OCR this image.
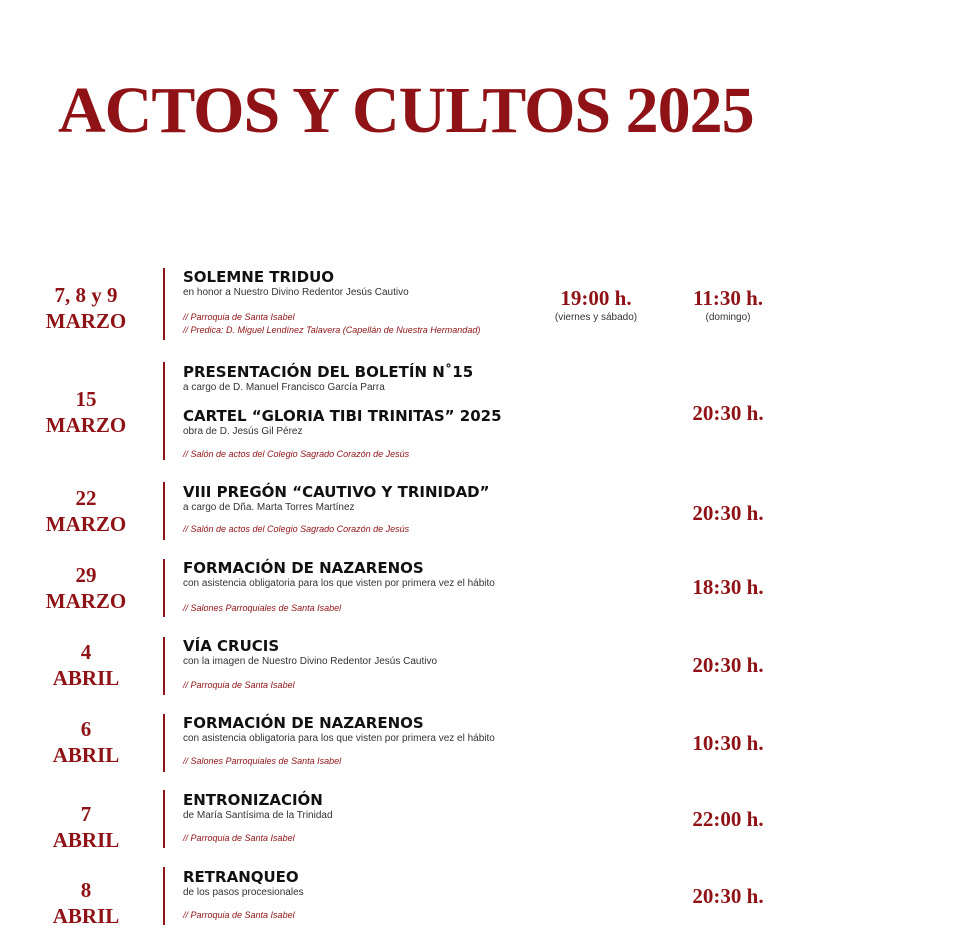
ACTOS Y CULTOS 2025
7, 8 y 9
MARZO
SOLEMNE TRIDUO
en honor a Nuestro Divino Redentor Jesús Cautivo
// Parroquia de Santa Isabel
// Predica: D. Miguel Lendínez Talavera (Capellán de Nuestra Hermandad)
19:00 h.
(viernes y sábado)
11:30 h.
(domingo)
15
MARZO
PRESENTACIÓN DEL BOLETÍN N˚15
a cargo de D. Manuel Francisco García Parra
CARTEL “GLORIA TIBI TRINITAS” 2025
obra de D. Jesús Gil Pérez
// Salón de actos del Colegio Sagrado Corazón de Jesús
20:30 h.
22
MARZO
VIII PREGÓN “CAUTIVO Y TRINIDAD”
a cargo de Dña. Marta Torres Martínez
// Salón de actos del Colegio Sagrado Corazón de Jesús
20:30 h.
29
MARZO
FORMACIÓN DE NAZARENOS
con asistencia obligatoria para los que visten por primera vez el hábito
// Salones Parroquiales de Santa Isabel
18:30 h.
4
ABRIL
VÍA CRUCIS
con la imagen de Nuestro Divino Redentor Jesús Cautivo
// Parroquia de Santa Isabel
20:30 h.
6
ABRIL
FORMACIÓN DE NAZARENOS
con asistencia obligatoria para los que visten por primera vez el hábito
// Salones Parroquiales de Santa Isabel
10:30 h.
7
ABRIL
ENTRONIZACIÓN
de María Santísima de la Trinidad
// Parroquia de Santa Isabel
22:00 h.
8
ABRIL
RETRANQUEO
de los pasos procesionales
// Parroquia de Santa Isabel
20:30 h.
